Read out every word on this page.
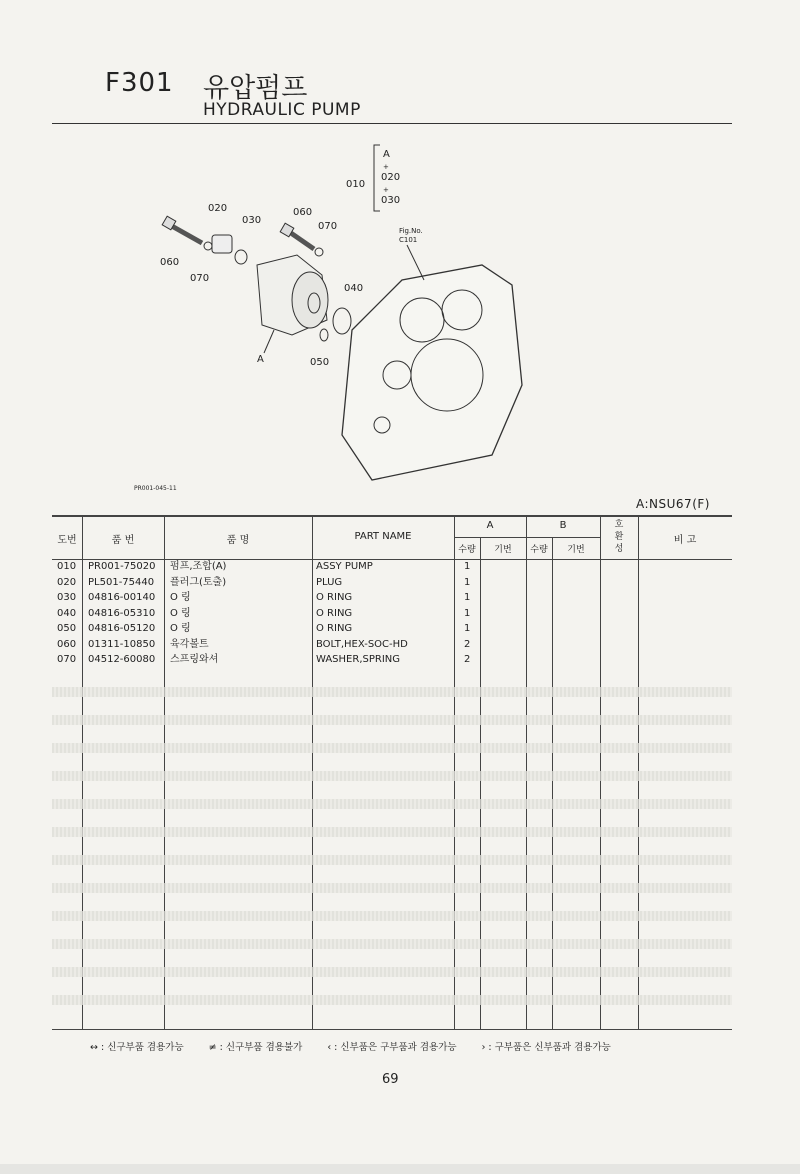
F301 유압펌프
HYDRAULIC PUMP
010
A
+
020
+
030
060
070
020
030
060
070
A
040
050
Fig.No.
C101
PR001-045-11
A:NSU67(F)
도번	품 번	품 명	PART NAME
A	B
수량	기번	수량	기번
호환성
비 고
010 PR001-75020 펌프,조합(A)	ASSY PUMP	1
020 PL501-75440 플러그(토출)	PLUG	1
030 04816-00140 O 링	O RING	1
040 04816-05310 O 링	O RING	1
050 04816-05120 O 링	O RING	1
060 01311-10850 육각볼트	BOLT,HEX-SOC-HD	2
070 04512-60080 스프링와셔	WASHER,SPRING	2
↔ : 신구부품 겸용가능	≠ : 신구부품 겸용불가	‹ : 신부품은 구부품과 겸용가능	› : 구부품은 신부품과 겸용가능
69
